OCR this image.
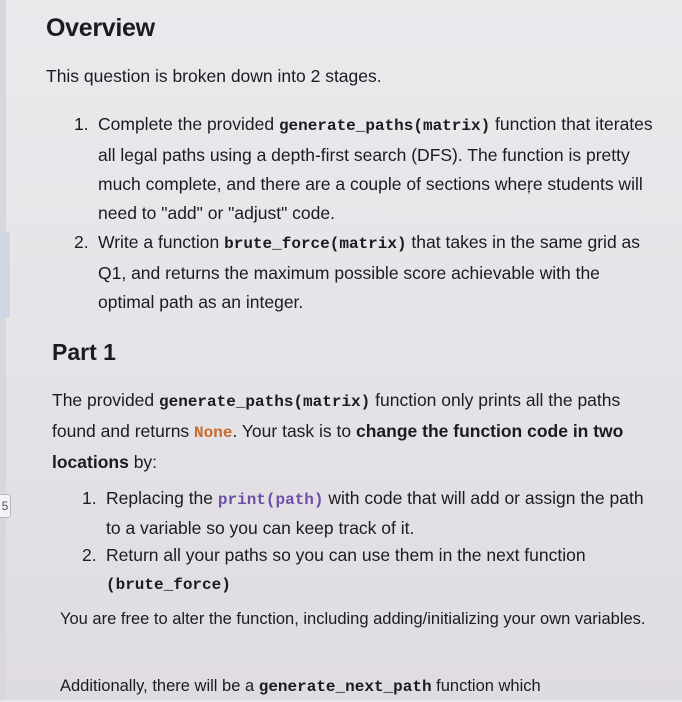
5
Overview
This question is broken down into 2 stages.
1. Complete the provided generate_paths(matrix) function that iterates all legal paths using a depth-first search (DFS). The function is pretty much complete, and there are a couple of sections wheŗe students will need to "add" or "adjust" code.
2. Write a function brute_force(matrix) that takes in the same grid as Q1, and returns the maximum possible score achievable with the optimal path as an integer.
Part 1
The provided generate_paths(matrix) function only prints all the paths found and returns None. Your task is to change the function code in two locations by:
1. Replacing the print(path) with code that will add or assign the path to a variable so you can keep track of it.
2. Return all your paths so you can use them in the next function (brute_force)
You are free to alter the function, including adding/initializing your own variables.
Additionally, there will be a generate_next_path function which
